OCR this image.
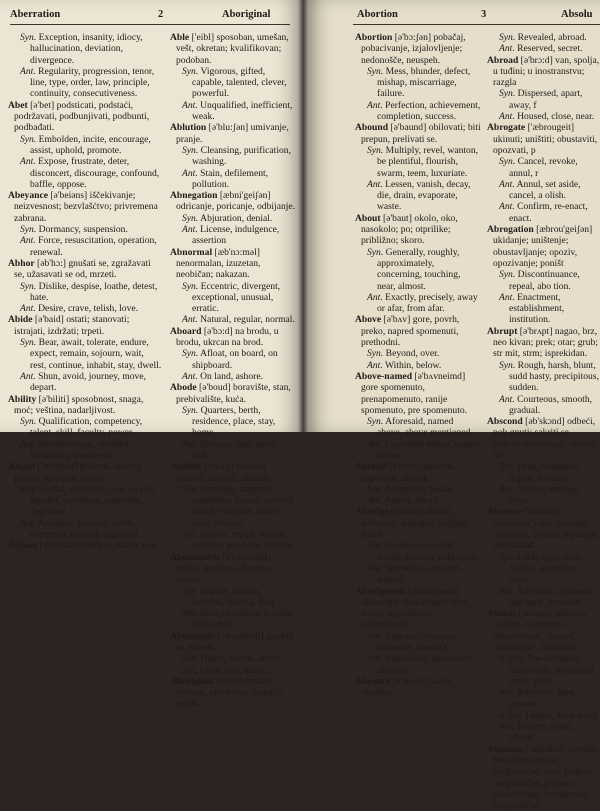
Aberration	2	Aboriginal

Syn. Exception, insanity, idiocy, hallucination, deviation, divergence.

Ant. Regularity, progression, tenor, line, type, order, law, principle, continuity, consecutiveness.

Abet [ə'bet] podsticati, podstaći, podržavati, podbunjivati, podbunti, podbađati.

Syn. Embolden, incite, encourage, assist, uphold, promote.

Ant. Expose, frustrate, deter, disconcert, discourage, confound, baffle, oppose.

Abeyance [ə'beiəns] iščekivanje; neizvesnost; bezvlašćtvo; privremena zabrana.

Syn. Dormancy, suspension.

Ant. Force, resuscitation, operation, renewal.

Abhor [əb'hɔ:] gnušati se, zgražavati se, užasavati se od, mrzeti.

Syn. Dislike, despise, loathe, detest, hate.

Ant. Desire, crave, telish, love.

Abide [ə'baid] ostati; stanovati; istrajati, izdržati; trpeti.

Syn. Bear, await, tolerate, endure, expect, remain, sojourn, wait, rest, continue, inhabit, stay, dwell.

Ant. Shun, avoid, journey, move, depart.

Ability [ə'biliti] sposobnost, snaga, moć; veština, nadarljivost.

Syn. Qualification, competency, talent, skill, faculty, power.

Ant. Maladroitness, inability, incapacity, weakness.

Abject ['æbdʒekt] prezren, unižen; podao; odvratan; jadan.

Syn. Sordid, wretched, low, servile, squalid, worthless, miserable, degraded.

Ant. Arrogant, princely, noble, esteemed, exalted, dignified.

Abjure [əb'dʒuə] odreći se, zaklet vom

Able ['eibl] sposoban, umešan, vešt, okretan; kvalifikovan; podoban.

Syn. Vigorous, gifted, capable, talented, clever, powerful.

Ant. Unqualified, inefficient, weak.

Ablution [ə'blu:ʃən] umivanje, pranje.

Syn. Cleansing, purification, washing.

Ant. Stain, defilement, pollution.

Abnegation [æbni'geiʃən] odricanje, poricanje, odbijanje.

Syn. Abjuration, denial.

Ant. License, indulgence, assertion

Abnormal [æb'nɔ:məl] nenormalan, izuzetan, neobičan; nakazan.

Syn. Eccentric, divergent, exceptional, unusual, erratic.

Ant. Natural, regular, normal.

Aboard [ə'bɔ:d] na brodu, u brodu, ukrcan na brod.

Syn. Afloat, on board, on shipboard.

Ant. On land, ashore.

Abode [ə'boud] boravište, stan, prebivalište, kuća.

Syn. Quarters, berth, residence, place, stay, home.

Ant. Bivouac, tent, perch, halt.

Abolish [ə'bɔliʃ] ukinuti; uništiti; zbrisati; ukloniti.

Syn. Expunge, suppress, annihilate, cancel, subvert, annul, extirpate, make void, destroy.

Ant. Revive, repair, restore, confirm, promote, cherish.

Abominable [ə'bɔminəbl] gadan, gnušan, odvratan, mrzak.

Syn. Impure, odious, horrible, hateful, foul.

Ant. Pure, charming, lovable, delectable.

Abominate [ə'bɔmineit] gnušati se, mrzeti.

Syn. Detest, loathe, abhor.

Ant. Love, like, desire.

Aboriginal [æbə'ridʒənəl] izvoran, prvobitan; domaći; urođe-

Abortion	3	Absolu

Abortion [ə'bɔ:ʃən] pobačaj, pobacivanje, izjalovljenje; nedonošče, neuspeh.

Syn. Mess, blunder, defect, mishap, miscarriage, failure.

Ant. Perfection, achievement, completion, success.

Abound [ə'baund] obilovati; biti prepun, prelivati se.

Syn. Multiply, revel, wanton, be plentiful, flourish, swarm, teem, luxuriate.

Ant. Lessen, vanish, decay, die, drain, evaporate, waste.

About [ə'baut] okolo, oko, nasokolo; po; otprilike; približno; skoro.

Syn. Generally, roughly, approximately, concerning, touching, near, almost.

Ant. Exactly, precisely, away or afar, from afar.

Above [ə'bʌv] gore, povrh, preko, napred spomenuti, prethodni.

Syn. Beyond, over.

Ant. Within, below.

Above-named [ə'bʌvneimd] gore spomenuto, prenapomenuto, ranije spomenuto, pre spomenuto.

Syn. Aforesaid, named above, above mentioned.

Ant. Described below, named below.

Abreast [ə'brest] uporedo, naporedo, ukorak.

Syn. Alongside, beside.

Ant. Astern, ahead.

Abridge [ə'bridʒ] skratiti, potkratiti; smanjiti; zašiljati; suziti.

Syn. Condense, curtail, lessen, shorten, abbreviate.

Ant. Spread out, expand, amplify.

Abridgment [ə'bridʒmənt] skraćenje, skraćivanje; izlet, izvod; ograničenje, sekraćivanje.

Syn. Epitome, synopsis, summary, abstract.

Ant. Exposition, annotation, dilution.

Abroach [ə'broutʃ] načet, otepljen,

Syn. Revealed, abroad.

Ant. Reserved, secret.

Abroad [ə'brɔ:d] van, spolja, u tuđini; u inostranstvu; razgla

Syn. Dispersed, apart, away, f

Ant. Housed, close, near.

Abrogate ['æbrougeit] ukinuti; uništiti; obustaviti, opozvati, p

Syn. Cancel, revoke, annul, r

Ant. Annul, set aside, cancel, a olish.

Ant. Confirm, re-enact, enact.

Abrogation [æbrou'geiʃən] ukidanje; uništenje; obustavljanje; opoziv, opozivanje; poništ

Syn. Discontinuance, repeal, abo tion.

Ant. Enactment, establishment, institution.

Abrupt [ə'brʌpt] nagao, brz, neo kivan; prek; otar; grub; str mit, strm; isprekidan.

Syn. Rough, harsh, blunt, sudd hasty, precipitous, sudden.

Ant. Courteous, smooth, gradual.

Abscond [əb'skɔnd] odbeći, pob gnuti; sakriti se, prikriti odvjetavati; odvrati se.

Syn. Hide, disappear, depart, e camp.

Ant. Appear, emerge, show.

Absence ['æbsəns] odsutnost, odsu vovanje; odsustvo, izostan nepažnja; nedostatak.

Syn. Lack, separation, failure, in tention, want.

Ant. Attention, existence, app ance, presence.

Absent ['æbsənt] odsutan; rasejan, rastresen;— odsustvovati, izostati, izostavljati, izostajati.

a. Syn. Pre-occupied, inattentive, abstracted, away, gone.

Ant. Attentive, here, present.

v. Syn. Depart, keep away.

Ant. Present, come, attend.

Absolute ['æbsəlu:t] savršen, besu bezuslovan; bezgraničan; pun; potpun; neograničen, potpun; modovoljan; bezuslovan; bezgraničan
